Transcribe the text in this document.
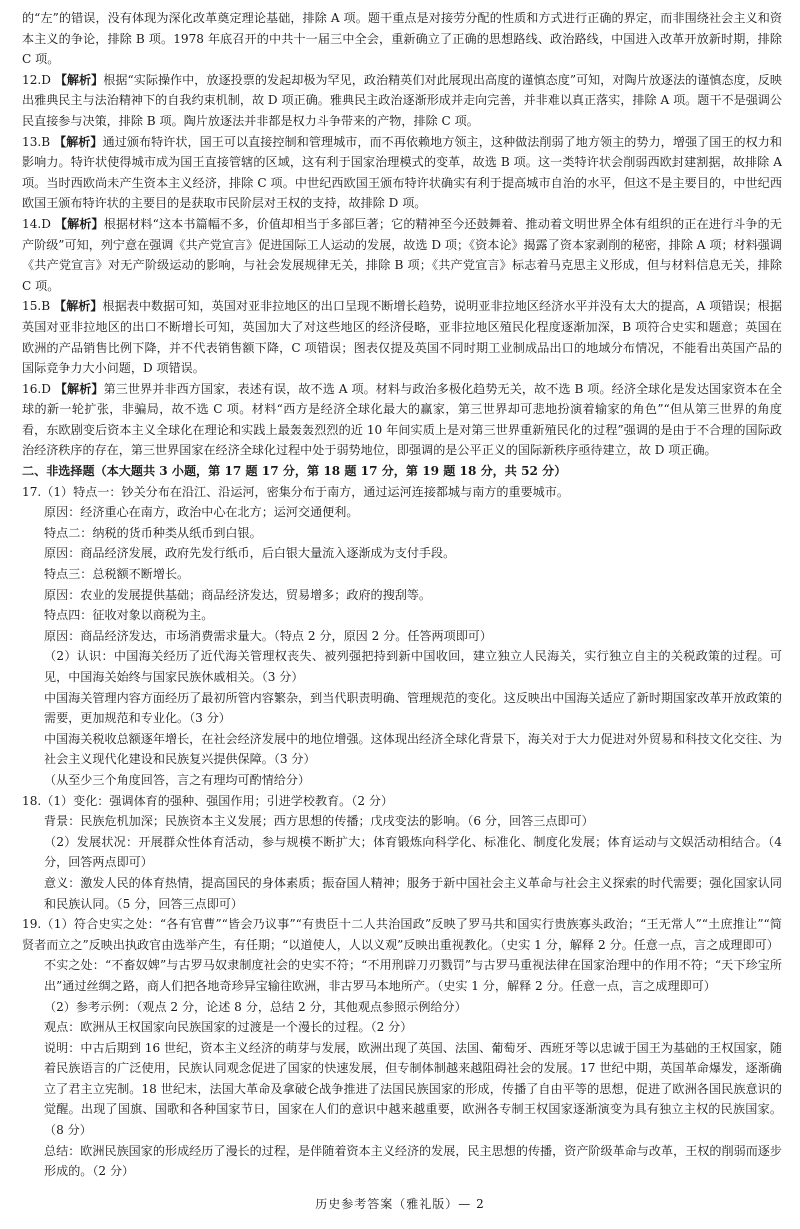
的“左”的错误，没有体现为深化改革奠定理论基础，排除 A 项。题干重点是对接劳分配的性质和方式进行正确的界定，而非围绕社会主义和资本主义的争论，排除 B 项。1978 年底召开的中共十一届三中全会，重新确立了正确的思想路线、政治路线，中国进入改革开放新时期，排除 C 项。

12.D 【解析】根据“实际操作中，放逐投票的发起却极为罕见，政治精英们对此展现出高度的谨慎态度”可知，对陶片放逐法的谨慎态度，反映出雅典民主与法治精神下的自我约束机制，故 D 项正确。雅典民主政治逐渐形成并走向完善，并非难以真正落实，排除 A 项。题干不是强调公民直接参与决策，排除 B 项。陶片放逐法并非都是权力斗争带来的产物，排除 C 项。

13.B 【解析】通过颁布特许状，国王可以直接控制和管理城市，而不再依赖地方领主，这种做法削弱了地方领主的势力，增强了国王的权力和影响力。特许状使得城市成为国王直接管辖的区域，这有利于国家治理模式的变革，故选 B 项。这一类特许状会削弱西欧封建割据，故排除 A 项。当时西欧尚未产生资本主义经济，排除 C 项。中世纪西欧国王颁布特许状确实有利于提高城市自治的水平，但这不是主要目的，中世纪西欧国王颁布特许状的主要目的是获取市民阶层对王权的支持，故排除 D 项。

14.D 【解析】根据材料“这本书篇幅不多，价值却相当于多部巨著；它的精神至今还鼓舞着、推动着文明世界全体有组织的正在进行斗争的无产阶级”可知，列宁意在强调《共产党宣言》促进国际工人运动的发展，故选 D 项；《资本论》揭露了资本家剥削的秘密，排除 A 项；材料强调《共产党宣言》对无产阶级运动的影响，与社会发展规律无关，排除 B 项；《共产党宣言》标志着马克思主义形成，但与材料信息无关，排除 C 项。

15.B 【解析】根据表中数据可知，英国对亚非拉地区的出口呈现不断增长趋势，说明亚非拉地区经济水平并没有太大的提高，A 项错误；根据英国对亚非拉地区的出口不断增长可知，英国加大了对这些地区的经济侵略，亚非拉地区殖民化程度逐渐加深，B 项符合史实和题意；英国在欧洲的产品销售比例下降，并不代表销售额下降，C 项错误；图表仅提及英国不同时期工业制成品出口的地域分布情况，不能看出英国产品的国际竞争力大小问题，D 项错误。

16.D 【解析】第三世界并非西方国家，表述有误，故不选 A 项。材料与政治多极化趋势无关，故不选 B 项。经济全球化是发达国家资本在全球的新一轮扩张，非骗局，故不选 C 项。材料“西方是经济全球化最大的赢家，第三世界却可悲地扮演着输家的角色”“但从第三世界的角度看，东欧剧变后资本主义全球化在理论和实践上最轰轰烈烈的近 10 年间实质上是对第三世界重新殖民化的过程”强调的是由于不合理的国际政治经济秩序的存在，第三世界国家在经济全球化过程中处于弱势地位，即强调的是公平正义的国际新秩序亟待建立，故 D 项正确。

二、非选择题（本大题共 3 小题，第 17 题 17 分，第 18 题 17 分，第 19 题 18 分，共 52 分）

17.（1）特点一：钞关分布在沿江、沿运河，密集分布于南方，通过运河连接都城与南方的重要城市。

原因：经济重心在南方，政治中心在北方；运河交通便利。

特点二：纳税的货币种类从纸币到白银。

原因：商品经济发展，政府先发行纸币，后白银大量流入逐渐成为支付手段。

特点三：总税额不断增长。

原因：农业的发展提供基础；商品经济发达，贸易增多；政府的搜刮等。

特点四：征收对象以商税为主。

原因：商品经济发达，市场消费需求量大。（特点 2 分，原因 2 分。任答两项即可）

（2）认识：中国海关经历了近代海关管理权丧失、被列强把持到新中国收回，建立独立人民海关，实行独立自主的关税政策的过程。可见，中国海关始终与国家民族休戚相关。（3 分）

中国海关管理内容方面经历了最初所管内容繁杂，到当代职责明确、管理规范的变化。这反映出中国海关适应了新时期国家改革开放政策的需要，更加规范和专业化。（3 分）

中国海关税收总额逐年增长，在社会经济发展中的地位增强。这体现出经济全球化背景下，海关对于大力促进对外贸易和科技文化交往、为社会主义现代化建设和民族复兴提供保障。（3 分）

（从至少三个角度回答，言之有理均可酌情给分）

18.（1）变化：强调体育的强种、强国作用；引进学校教育。（2 分）

背景：民族危机加深；民族资本主义发展；西方思想的传播；戊戌变法的影响。（6 分，回答三点即可）

（2）发展状况：开展群众性体育活动，参与规模不断扩大；体育锻炼向科学化、标准化、制度化发展；体育运动与文娱活动相结合。（4 分，回答两点即可）

意义：激发人民的体育热情，提高国民的身体素质；振奋国人精神；服务于新中国社会主义革命与社会主义探索的时代需要；强化国家认同和民族认同。（5 分，回答三点即可）

19.（1）符合史实之处：“各有官曹”“皆会乃议事”“有贵臣十二人共治国政”反映了罗马共和国实行贵族寡头政治；“王无常人”“土庶推让”“简贤者而立之”反映出执政官由选举产生，有任期；“以道使人，人以义观”反映出重视教化。（史实 1 分，解释 2 分。任意一点，言之成理即可）

不实之处：“不畜奴婢”与古罗马奴隶制度社会的史实不符；“不用刑辟刀刃戮罚”与古罗马重视法律在国家治理中的作用不符；“天下珍宝所出”通过丝绸之路，商人们把各地奇珍异宝输往欧洲，非古罗马本地所产。（史实 1 分，解释 2 分。任意一点，言之成理即可）

（2）参考示例：（观点 2 分，论述 8 分，总结 2 分，其他观点参照示例给分）

观点：欧洲从王权国家向民族国家的过渡是一个漫长的过程。（2 分）

说明：中古后期到 16 世纪，资本主义经济的萌芽与发展，欧洲出现了英国、法国、葡萄牙、西班牙等以忠诚于国王为基础的王权国家，随着民族语言的广泛使用，民族认同观念促进了国家的快速发展，但专制体制越来越阻碍社会的发展。17 世纪中期，英国革命爆发，逐渐确立了君主立宪制。18 世纪末，法国大革命及拿破仑战争推进了法国民族国家的形成，传播了自由平等的思想，促进了欧洲各国民族意识的觉醒。出现了国旗、国歌和各种国家节日，国家在人们的意识中越来越重要，欧洲各专制王权国家逐渐演变为具有独立主权的民族国家。（8 分）

总结：欧洲民族国家的形成经历了漫长的过程，是伴随着资本主义经济的发展，民主思想的传播，资产阶级革命与改革，王权的削弱而逐步形成的。（2 分）

历史参考答案（雅礼版）— 2
